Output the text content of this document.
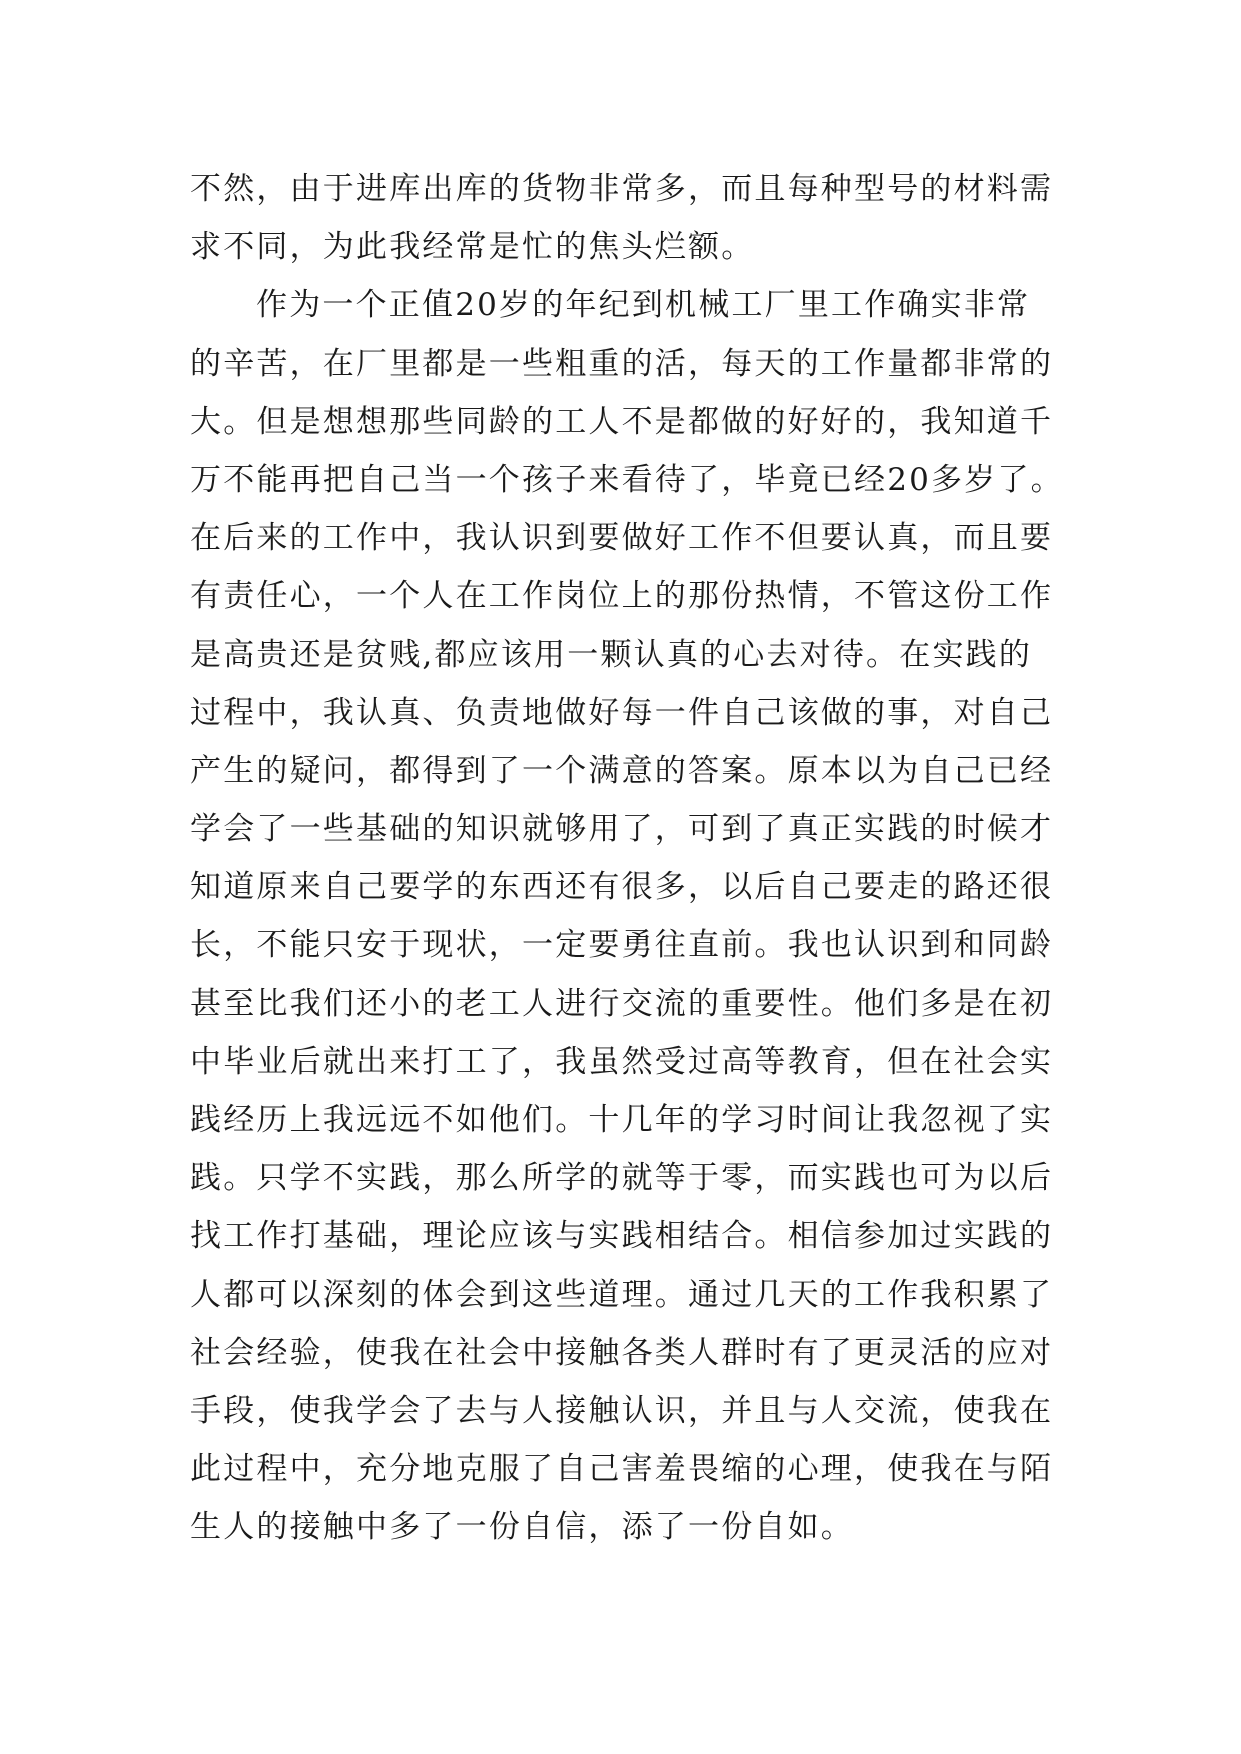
不然，由于进库出库的货物非常多，而且每种型号的材料需
求不同，为此我经常是忙的焦头烂额。
作为一个正值20岁的年纪到机械工厂里工作确实非常
的辛苦，在厂里都是一些粗重的活，每天的工作量都非常的
大。但是想想那些同龄的工人不是都做的好好的，我知道千
万不能再把自己当一个孩子来看待了，毕竟已经20多岁了。
在后来的工作中，我认识到要做好工作不但要认真，而且要
有责任心，一个人在工作岗位上的那份热情，不管这份工作
是高贵还是贫贱,都应该用一颗认真的心去对待。在实践的
过程中，我认真、负责地做好每一件自己该做的事，对自己
产生的疑问，都得到了一个满意的答案。原本以为自己已经
学会了一些基础的知识就够用了，可到了真正实践的时候才
知道原来自己要学的东西还有很多，以后自己要走的路还很
长，不能只安于现状，一定要勇往直前。我也认识到和同龄
甚至比我们还小的老工人进行交流的重要性。他们多是在初
中毕业后就出来打工了，我虽然受过高等教育，但在社会实
践经历上我远远不如他们。十几年的学习时间让我忽视了实
践。只学不实践，那么所学的就等于零，而实践也可为以后
找工作打基础，理论应该与实践相结合。相信参加过实践的
人都可以深刻的体会到这些道理。通过几天的工作我积累了
社会经验，使我在社会中接触各类人群时有了更灵活的应对
手段，使我学会了去与人接触认识，并且与人交流，使我在
此过程中，充分地克服了自己害羞畏缩的心理，使我在与陌
生人的接触中多了一份自信，添了一份自如。
